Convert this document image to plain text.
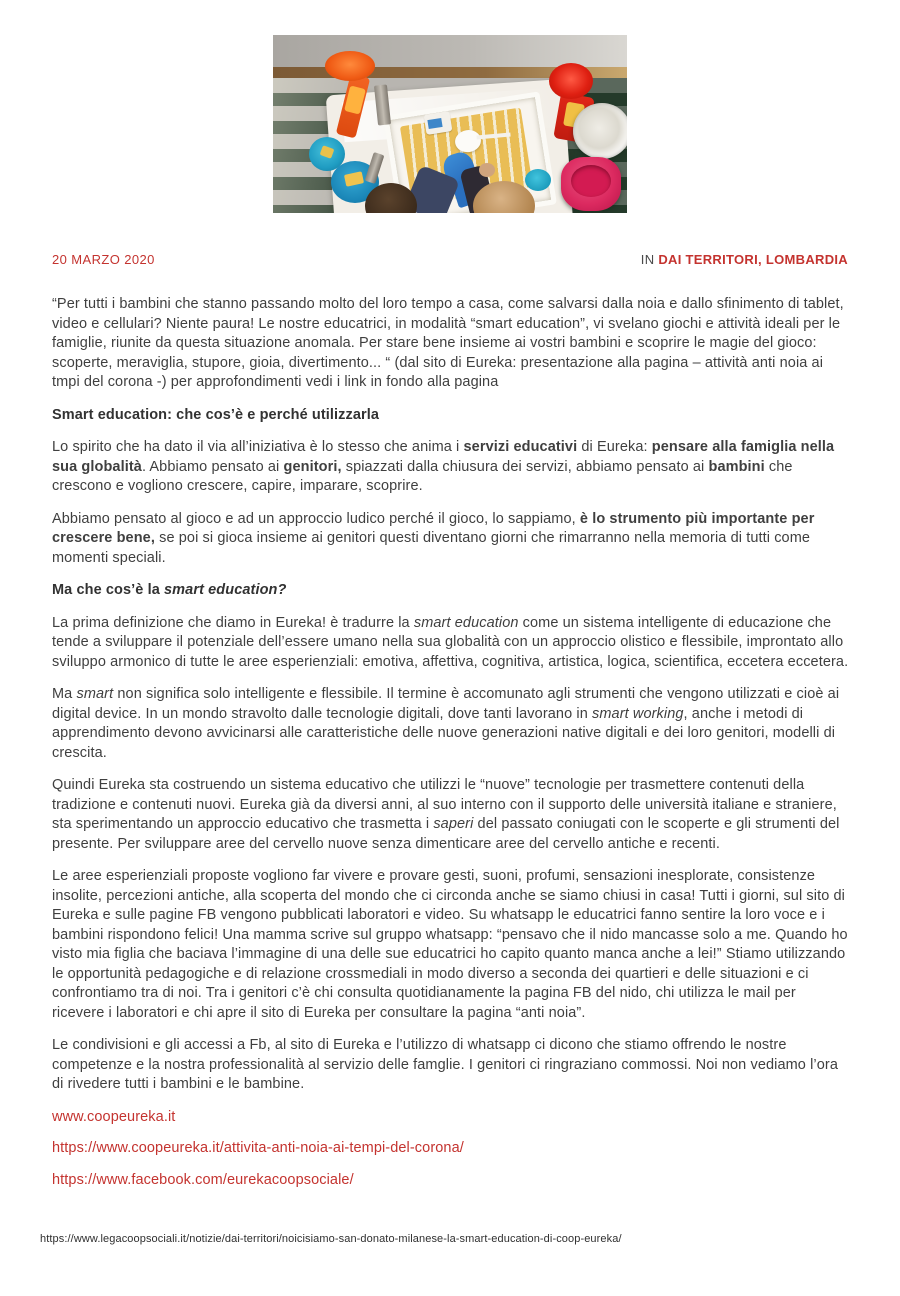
20 MARZO 2020	IN DAI TERRITORI, LOMBARDIA

“Per tutti i bambini che stanno passando molto del loro tempo a casa, come salvarsi dalla noia e dallo sfinimento di tablet, video e cellulari? Niente paura! Le nostre educatrici, in modalità “smart education”, vi svelano giochi e attività ideali per le famiglie, riunite da questa situazione anomala. Per stare bene insieme ai vostri bambini e scoprire le magie del gioco: scoperte, meraviglia, stupore, gioia, divertimento... “ (dal sito di Eureka: presentazione alla pagina – attività anti noia ai tmpi del corona -) per approfondimenti vedi i link in fondo alla pagina

Smart education: che cos’è e perché utilizzarla

Lo spirito che ha dato il via all’iniziativa è lo stesso che anima i servizi educativi di Eureka: pensare alla famiglia nella sua globalità. Abbiamo pensato ai genitori, spiazzati dalla chiusura dei servizi, abbiamo pensato ai bambini che crescono e vogliono crescere, capire, imparare, scoprire.

Abbiamo pensato al gioco e ad un approccio ludico perché il gioco, lo sappiamo, è lo strumento più importante per crescere bene, se poi si gioca insieme ai genitori questi diventano giorni che rimarranno nella memoria di tutti come momenti speciali.

Ma che cos’è la smart education?

La prima definizione che diamo in Eureka! è tradurre la smart education come un sistema intelligente di educazione che tende a sviluppare il potenziale dell’essere umano nella sua globalità con un approccio olistico e flessibile, improntato allo sviluppo armonico di tutte le aree esperienziali: emotiva, affettiva, cognitiva, artistica, logica, scientifica, eccetera eccetera.

Ma smart non significa solo intelligente e flessibile. Il termine è accomunato agli strumenti che vengono utilizzati e cioè ai digital device. In un mondo stravolto dalle tecnologie digitali, dove tanti lavorano in smart working, anche i metodi di apprendimento devono avvicinarsi alle caratteristiche delle nuove generazioni native digitali e dei loro genitori, modelli di crescita.

Quindi Eureka sta costruendo un sistema educativo che utilizzi le “nuove” tecnologie per trasmettere contenuti della tradizione e contenuti nuovi. Eureka già da diversi anni, al suo interno con il supporto delle università italiane e straniere, sta sperimentando un approccio educativo che trasmetta i saperi del passato coniugati con le scoperte e gli strumenti del presente. Per sviluppare aree del cervello nuove senza dimenticare aree del cervello antiche e recenti.

Le aree esperienziali proposte vogliono far vivere e provare gesti, suoni, profumi, sensazioni inesplorate, consistenze insolite, percezioni antiche, alla scoperta del mondo che ci circonda anche se siamo chiusi in casa! Tutti i giorni, sul sito di Eureka e sulle pagine FB vengono pubblicati laboratori e video. Su whatsapp le educatrici fanno sentire la loro voce e i bambini rispondono felici! Una mamma scrive sul gruppo whatsapp: “pensavo che il nido mancasse solo a me. Quando ho visto mia figlia che baciava l’immagine di una delle sue educatrici ho capito quanto manca anche a lei!” Stiamo utilizzando le opportunità pedagogiche e di relazione crossmediali in modo diverso a seconda dei quartieri e delle situazioni e ci confrontiamo tra di noi. Tra i genitori c’è chi consulta quotidianamente la pagina FB del nido, chi utilizza le mail per ricevere i laboratori e chi apre il sito di Eureka per consultare la pagina “anti noia”.

Le condivisioni e gli accessi a Fb, al sito di Eureka e l’utilizzo di whatsapp ci dicono che stiamo offrendo le nostre competenze e la nostra professionalità al servizio delle famglie. I genitori ci ringraziano commossi. Noi non vediamo l’ora di rivedere tutti i bambini e le bambine.

www.coopeureka.it

https://www.coopeureka.it/attivita-anti-noia-ai-tempi-del-corona/

https://www.facebook.com/eurekacoopsociale/

https://www.legacoopsociali.it/notizie/dai-territori/noicisiamo-san-donato-milanese-la-smart-education-di-coop-eureka/
